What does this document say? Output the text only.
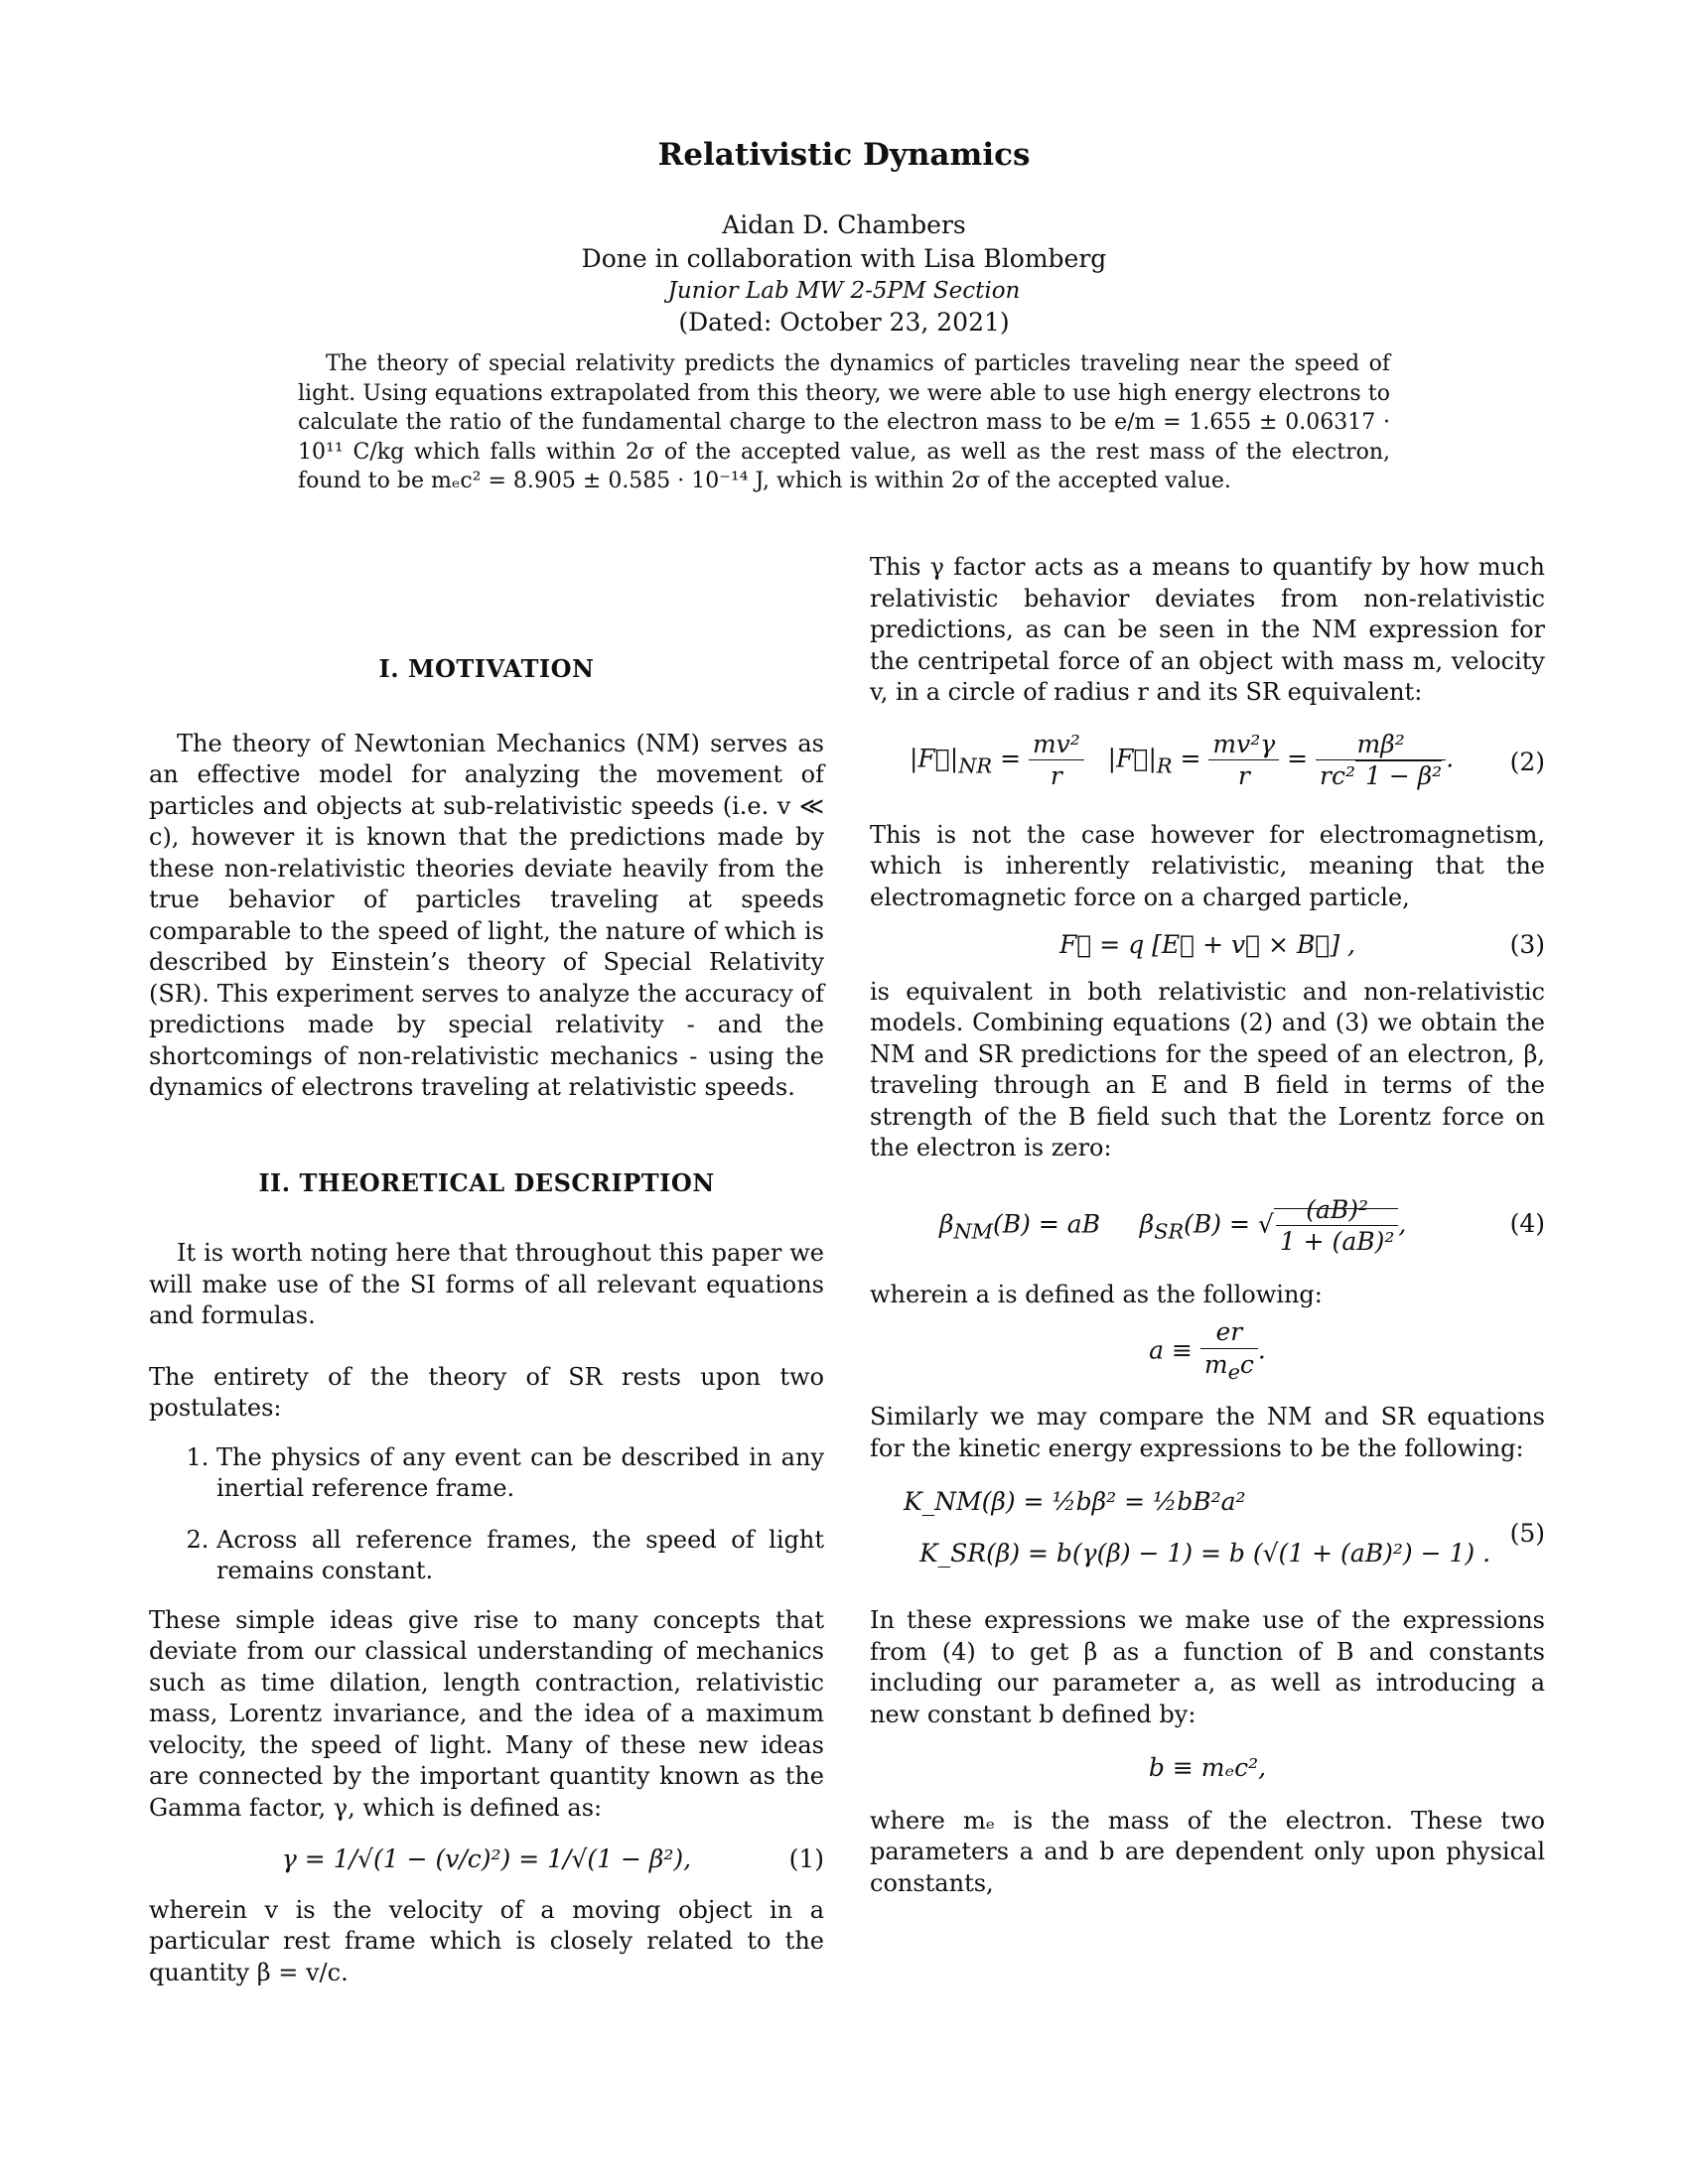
Relativistic Dynamics
Aidan D. Chambers
Done in collaboration with Lisa Blomberg
Junior Lab MW 2-5PM Section
(Dated: October 23, 2021)

The theory of special relativity predicts the dynamics of particles traveling near the speed of light. Using equations extrapolated from this theory, we were able to use high energy electrons to calculate the ratio of the fundamental charge to the electron mass to be e/m = 1.655 ± 0.06317 · 10¹¹ C/kg which falls within 2σ of the accepted value, as well as the rest mass of the electron, found to be mₑc² = 8.905 ± 0.585 · 10⁻¹⁴ J, which is within 2σ of the accepted value.

I. MOTIVATION

The theory of Newtonian Mechanics (NM) serves as an effective model for analyzing the movement of particles and objects at sub-relativistic speeds (i.e. v ≪ c), however it is known that the predictions made by these non-relativistic theories deviate heavily from the true behavior of particles traveling at speeds comparable to the speed of light, the nature of which is described by Einstein’s theory of Special Relativity (SR). This experiment serves to analyze the accuracy of predictions made by special relativity - and the shortcomings of non-relativistic mechanics - using the dynamics of electrons traveling at relativistic speeds.

II. THEORETICAL DESCRIPTION

It is worth noting here that throughout this paper we will make use of the SI forms of all relevant equations and formulas.

The entirety of the theory of SR rests upon two postulates:

1. The physics of any event can be described in any inertial reference frame.
2. Across all reference frames, the speed of light remains constant.

These simple ideas give rise to many concepts that deviate from our classical understanding of mechanics such as time dilation, length contraction, relativistic mass, Lorentz invariance, and the idea of a maximum velocity, the speed of light. Many of these new ideas are connected by the important quantity known as the Gamma factor, γ, which is defined as:

γ = 1/√(1 − (v/c)²) = 1/√(1 − β²),	(1)

wherein v is the velocity of a moving object in a particular rest frame which is closely related to the quantity β = v/c.

This γ factor acts as a means to quantify by how much relativistic behavior deviates from non-relativistic predictions, as can be seen in the NM expression for the centripetal force of an object with mass m, velocity v, in a circle of radius r and its SR equivalent:

$|F⃗|_{NR} = \frac{\text{mv²}}{r}$ $|F⃗|_R = \frac{\text{mv²γ}}{r} = \frac{\text{mβ²}}{\text{rc² 1 − β²}}$ . (2)

This is not the case however for electromagnetism, which is inherently relativistic, meaning that the electromagnetic force on a charged particle,

F⃗ = q [E⃗ + v⃗ × B⃗] ,	(3)

is equivalent in both relativistic and non-relativistic models. Combining equations (2) and (3) we obtain the NM and SR predictions for the speed of an electron, β, traveling through an E and B field in terms of the strength of the B field such that the Lorentz force on the electron is zero:

$\beta_{NM}(B)$ = aB     $\beta_{SR}(B)$ = √ $\frac{\text{(aB)²}}{\text{1 + (aB)²}}$ ,	(4)

wherein a is defined as the following:

$a \equiv \frac{er}{m_ec}$ .

Similarly we may compare the NM and SR equations for the kinetic energy expressions to be the following:

K_NM(β) = ½bβ² = ½bB²a²
K_SR(β) = b(γ(β) − 1) = b (√(1 + (aB)²) − 1) .
(5)

In these expressions we make use of the expressions from (4) to get β as a function of B and constants including our parameter a, as well as introducing a new constant b defined by:

b ≡ mₑc²,

where mₑ is the mass of the electron. These two parameters a and b are dependent only upon physical constants,
